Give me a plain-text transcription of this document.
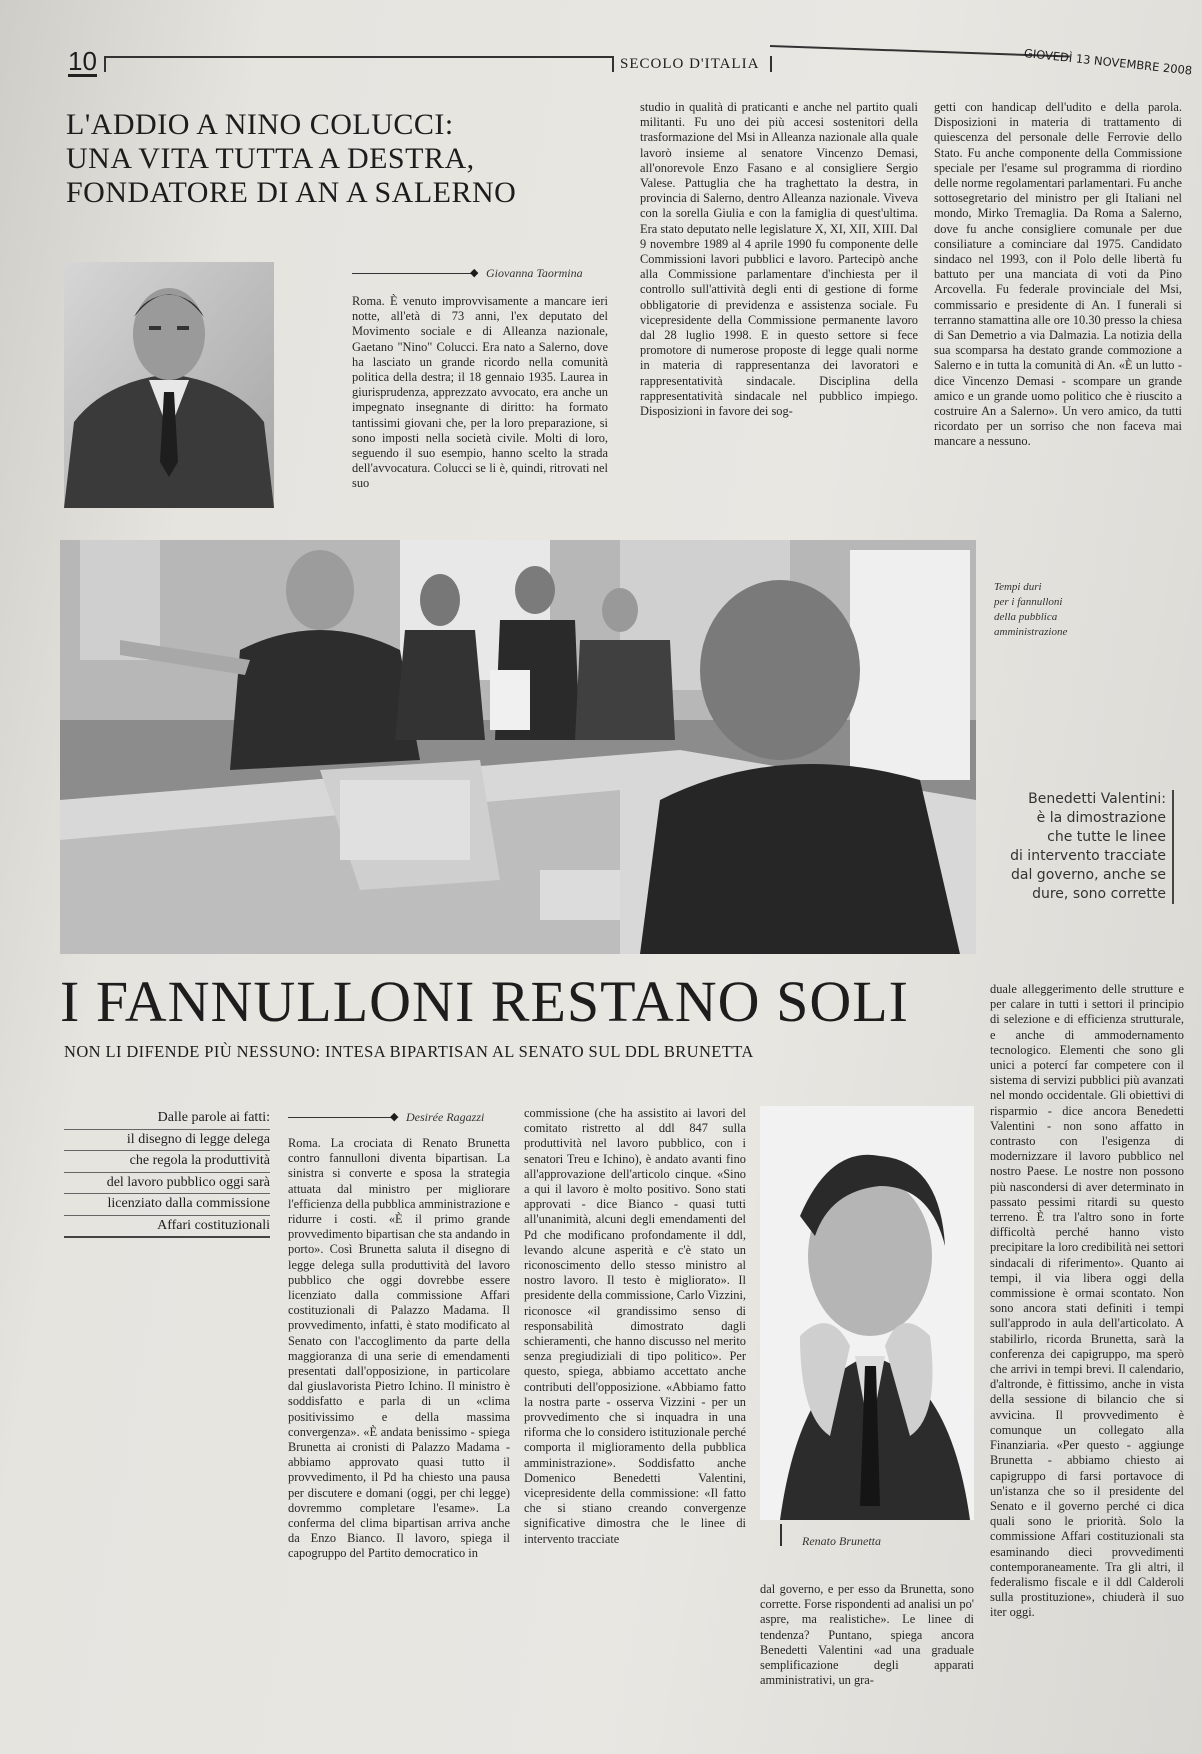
10	SECOLO D'ITALIA	GIOVEDÌ 13 NOVEMBRE 2008
L'ADDIO A NINO COLUCCI:
UNA VITA TUTTA A DESTRA,
FONDATORE DI AN A SALERNO
◆ Giovanna Taormina

Roma. È venuto improvvisamente a mancare ieri notte, all'età di 73 anni, l'ex deputato del Movimento sociale e di Alleanza nazionale, Gaetano "Nino" Colucci. Era nato a Salerno, dove ha lasciato un grande ricordo nella comunità politica della destra; il 18 gennaio 1935. Laurea in giurisprudenza, apprezzato avvocato, era anche un impegnato insegnante di diritto: ha formato tantissimi giovani che, per la loro preparazione, si sono imposti nella società civile. Molti di loro, seguendo il suo esempio, hanno scelto la strada dell'avvocatura. Colucci se li è, quindi, ritrovati nel suo

studio in qualità di praticanti e anche nel partito quali militanti. Fu uno dei più accesi sostenitori della trasformazione del Msi in Alleanza nazionale alla quale lavorò insieme al senatore Vincenzo Demasi, all'onorevole Enzo Fasano e al consigliere Sergio Valese. Pattuglia che ha traghettato la destra, in provincia di Salerno, dentro Alleanza nazionale. Viveva con la sorella Giulia e con la famiglia di quest'ultima. Era stato deputato nelle legislature X, XI, XII, XIII. Dal 9 novembre 1989 al 4 aprile 1990 fu componente delle Commissioni lavori pubblici e lavoro. Partecipò anche alla Commissione parlamentare d'inchiesta per il controllo sull'attività degli enti di gestione di forme obbligatorie di previdenza e assistenza sociale. Fu vicepresidente della Commissione permanente lavoro dal 28 luglio 1998. E in questo settore si fece promotore di numerose proposte di legge quali norme in materia di rappresentanza dei lavoratori e rappresentatività sindacale. Disciplina della rappresentatività sindacale nel pubblico impiego. Disposizioni in favore dei sog-

getti con handicap dell'udito e della parola. Disposizioni in materia di trattamento di quiescenza del personale delle Ferrovie dello Stato. Fu anche componente della Commissione speciale per l'esame sul programma di riordino delle norme regolamentari parlamentari. Fu anche sottosegretario del ministro per gli Italiani nel mondo, Mirko Tremaglia. Da Roma a Salerno, dove fu anche consigliere comunale per due consiliature a cominciare dal 1975. Candidato sindaco nel 1993, con il Polo delle libertà fu battuto per una manciata di voti da Pino Arcovella. Fu federale provinciale del Msi, commissario e presidente di An. I funerali si terranno stamattina alle ore 10.30 presso la chiesa di San Demetrio a via Dalmazia. La notizia della sua scomparsa ha destato grande commozione a Salerno e in tutta la comunità di An. «È un lutto - dice Vincenzo Demasi - scompare un grande amico e un grande uomo politico che è riuscito a costruire An a Salerno». Un vero amico, da tutti ricordato per un sorriso che non faceva mai mancare a nessuno.

Tempi duri
per i fannulloni
della pubblica
amministrazione
Benedetti Valentini:
è la dimostrazione
che tutte le linee
di intervento tracciate
dal governo, anche se
dure, sono corrette
I FANNULLONI RESTANO SOLI
NON LI DIFENDE PIÙ NESSUNO: INTESA BIPARTISAN AL SENATO SUL DDL BRUNETTA
Dalle parole ai fatti:
il disegno di legge delega
che regola la produttività
del lavoro pubblico oggi sarà
licenziato dalla commissione
Affari costituzionali
◆ Desirée Ragazzi

Roma. La crociata di Renato Brunetta contro fannulloni diventa bipartisan. La sinistra si converte e sposa la strategia attuata dal ministro per migliorare l'efficienza della pubblica amministrazione e ridurre i costi. «È il primo grande provvedimento bipartisan che sta andando in porto». Così Brunetta saluta il disegno di legge delega sulla produttività del lavoro pubblico che oggi dovrebbe essere licenziato dalla commissione Affari costituzionali di Palazzo Madama. Il provvedimento, infatti, è stato modificato al Senato con l'accoglimento da parte della maggioranza di una serie di emendamenti presentati dall'opposizione, in particolare dal giuslavorista Pietro Ichino. Il ministro è soddisfatto e parla di un «clima positivissimo e della massima convergenza». «È andata benissimo - spiega Brunetta ai cronisti di Palazzo Madama - abbiamo approvato quasi tutto il provvedimento, il Pd ha chiesto una pausa per discutere e domani (oggi, per chi legge) dovremmo completare l'esame». La conferma del clima bipartisan arriva anche da Enzo Bianco. Il lavoro, spiega il capogruppo del Partito democratico in

commissione (che ha assistito ai lavori del comitato ristretto al ddl 847 sulla produttività nel lavoro pubblico, con i senatori Treu e Ichino), è andato avanti fino all'approvazione dell'articolo cinque. «Sino a qui il lavoro è molto positivo. Sono stati approvati - dice Bianco - quasi tutti all'unanimità, alcuni degli emendamenti del Pd che modificano profondamente il ddl, levando alcune asperità e c'è stato un riconoscimento dello stesso ministro al nostro lavoro. Il testo è migliorato». Il presidente della commissione, Carlo Vizzini, riconosce «il grandissimo senso di responsabilità dimostrato dagli schieramenti, che hanno discusso nel merito senza pregiudiziali di tipo politico». Per questo, spiega, abbiamo accettato anche contributi dell'opposizione. «Abbiamo fatto la nostra parte - osserva Vizzini - per un provvedimento che si inquadra in una riforma che lo considero istituzionale perché comporta il miglioramento della pubblica amministrazione». Soddisfatto anche Domenico Benedetti Valentini, vicepresidente della commissione: «Il fatto che si stiano creando convergenze significative dimostra che le linee di intervento tracciate	Renato Brunetta

dal governo, e per esso da Brunetta, sono corrette. Forse rispondenti ad analisi un po' aspre, ma realistiche». Le linee di tendenza? Puntano, spiega ancora Benedetti Valentini «ad una graduale semplificazione degli apparati amministrativi, un gra-

duale alleggerimento delle strutture e per calare in tutti i settori il principio di selezione e di efficienza strutturale, e anche di ammodernamento tecnologico. Elementi che sono gli unici a potercí far competere con il sistema di servizi pubblici più avanzati nel mondo occidentale. Gli obiettivi di risparmio - dice ancora Benedetti Valentini - non sono affatto in contrasto con l'esigenza di modernizzare il lavoro pubblico nel nostro Paese. Le nostre non possono più nascondersi di aver determinato in passato pessimi ritardi su questo terreno. È tra l'altro sono in forte difficoltà perché hanno visto precipitare la loro credibilità nei settori sindacali di riferimento». Quanto ai tempi, il via libera oggi della commissione è ormai scontato. Non sono ancora stati definiti i tempi sull'approdo in aula dell'articolato. A stabilirlo, ricorda Brunetta, sarà la conferenza dei capigruppo, ma sperò che arrivi in tempi brevi. Il calendario, d'altronde, è fittissimo, anche in vista della sessione di bilancio che si avvicina. Il provvedimento è comunque un collegato alla Finanziaria. «Per questo - aggiunge Brunetta - abbiamo chiesto ai capigruppo di farsi portavoce di un'istanza che so il presidente del Senato e il governo perché ci dica quali sono le priorità. Solo la commissione Affari costituzionali sta esaminando dieci provvedimenti contemporaneamente. Tra gli altri, il federalismo fiscale e il ddl Calderoli sulla prostituzione», chiuderà il suo iter oggi.
